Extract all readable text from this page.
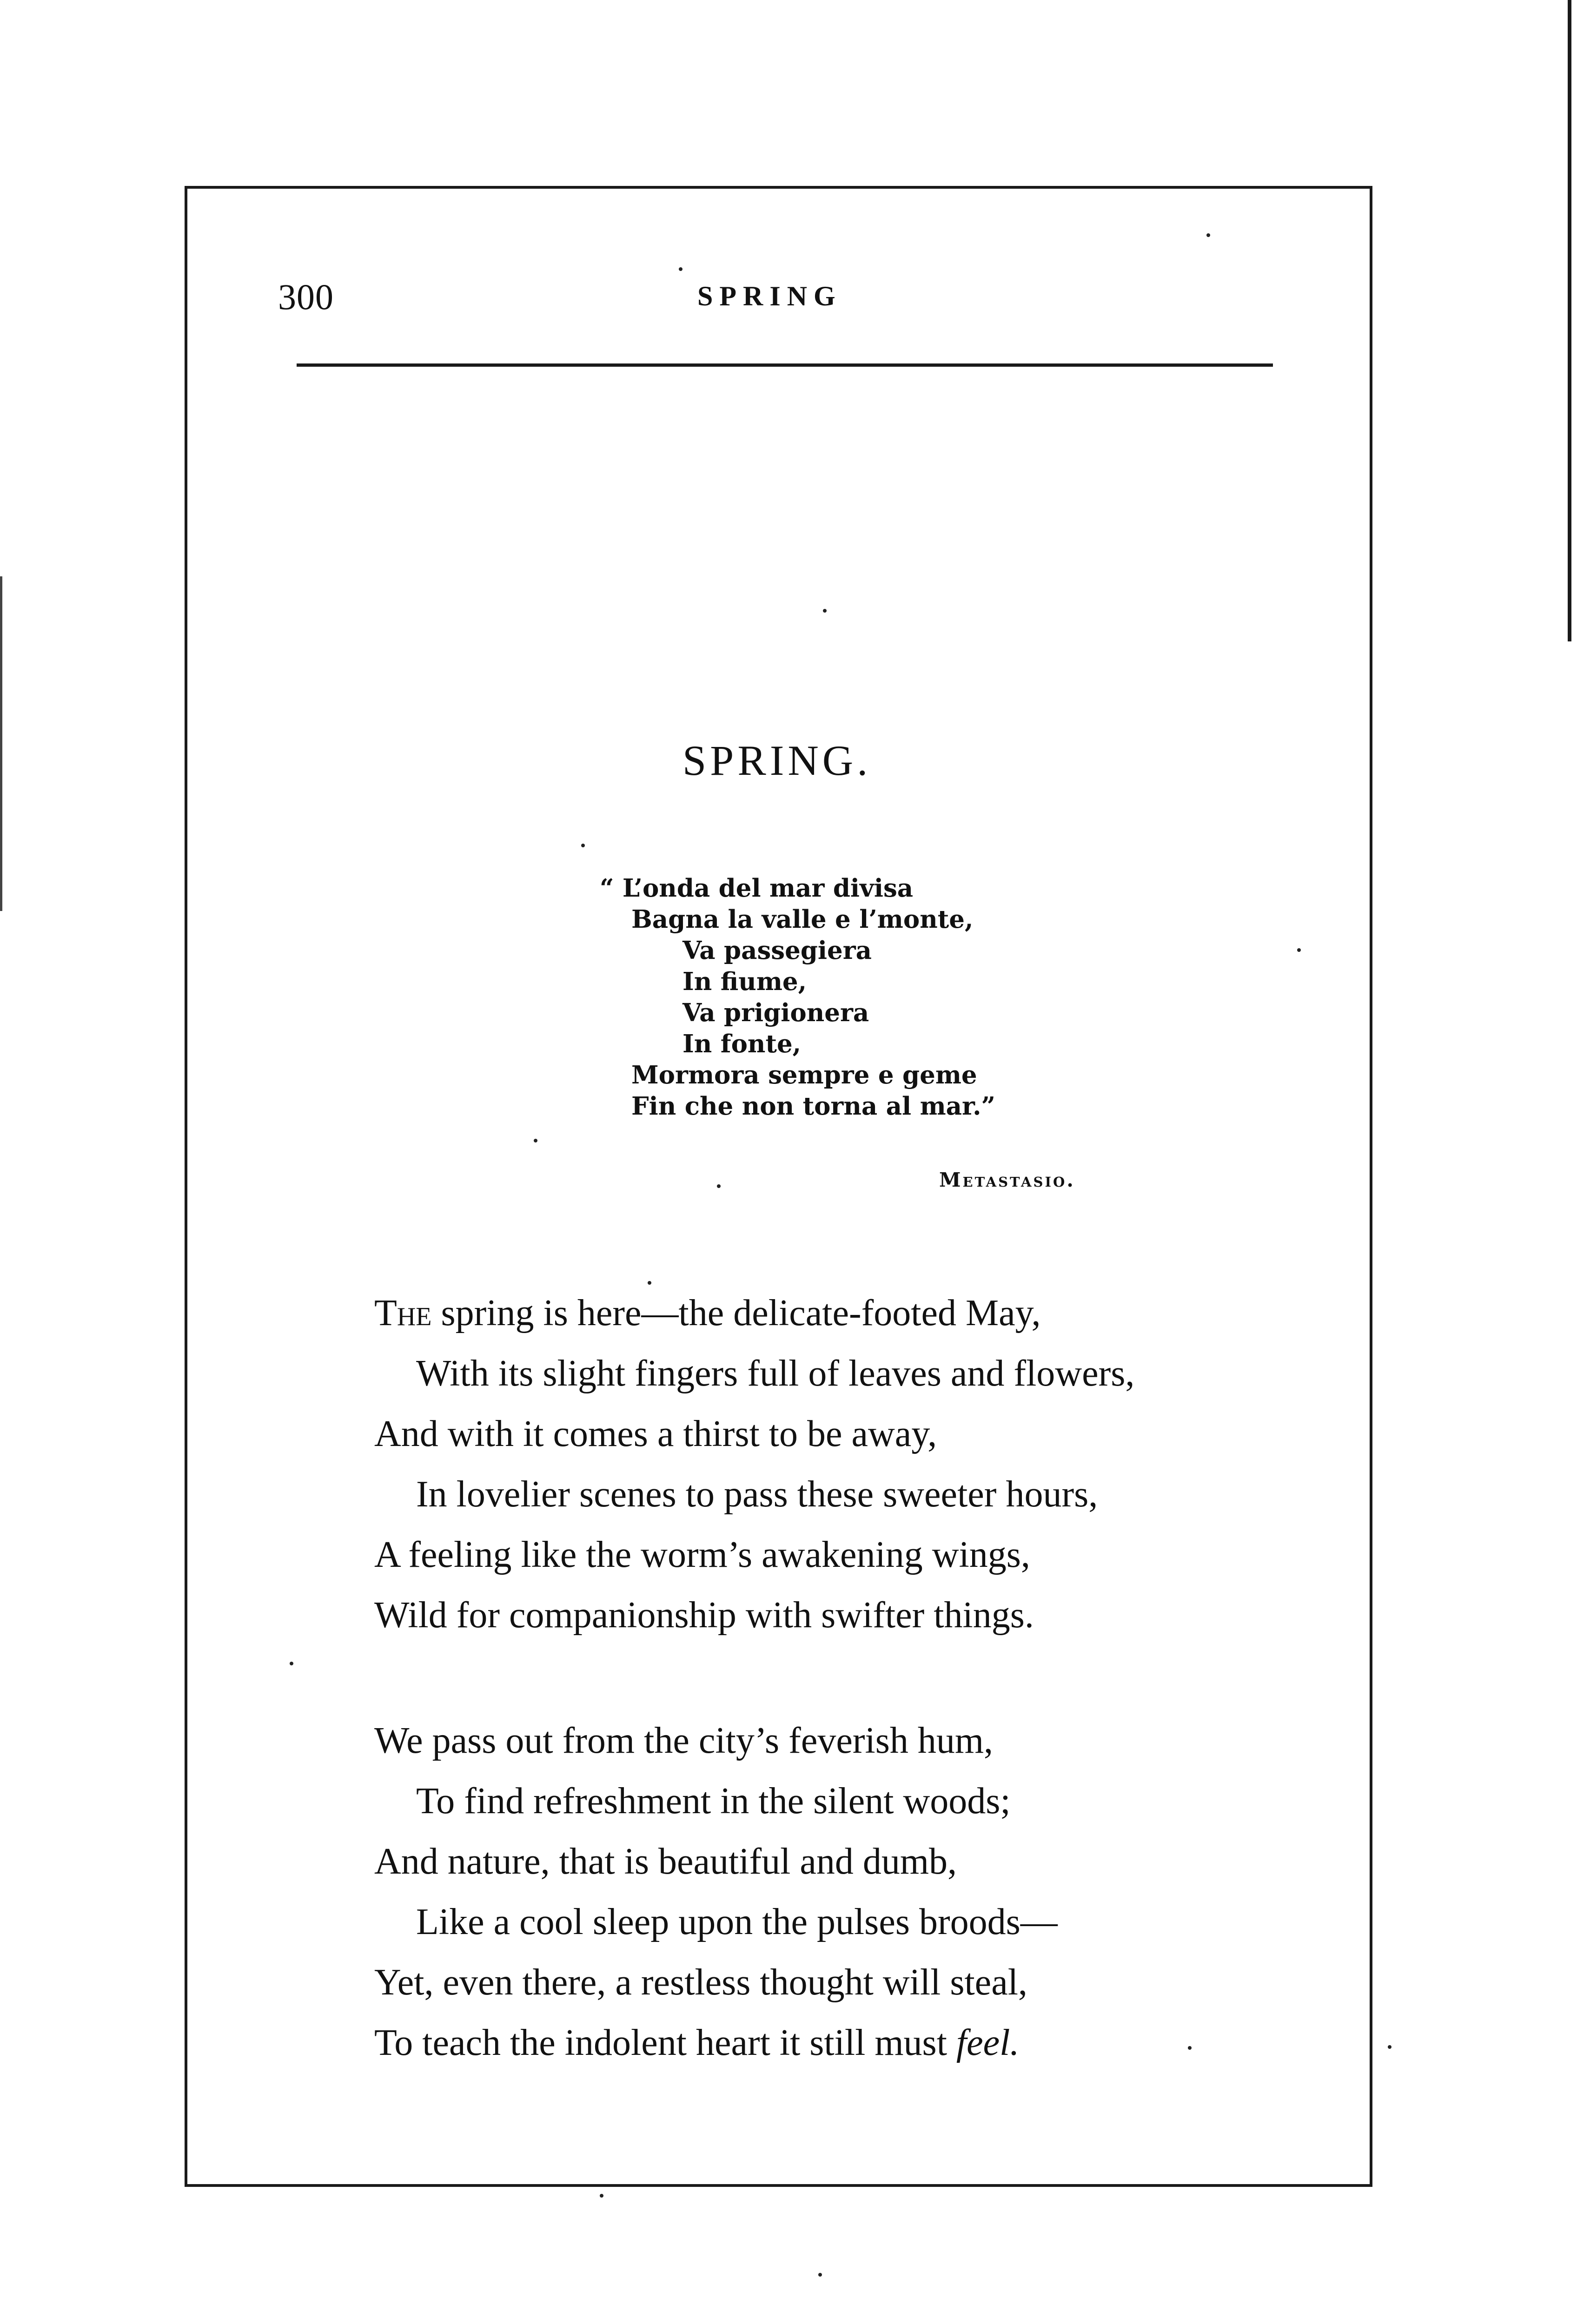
300	SPRING
SPRING.
“ L’onda del mar divisa
Bagna la valle e l’monte,
Va passegiera
In fiume,
Va prigionera
In fonte,
Mormora sempre e geme
Fin che non torna al mar.”
Metastasio.
The spring is here—the delicate-footed May,
With its slight fingers full of leaves and flowers,
And with it comes a thirst to be away,
In lovelier scenes to pass these sweeter hours,
A feeling like the worm’s awakening wings,
Wild for companionship with swifter things.
We pass out from the city’s feverish hum,
To find refreshment in the silent woods;
And nature, that is beautiful and dumb,
Like a cool sleep upon the pulses broods—
Yet, even there, a restless thought will steal,
To teach the indolent heart it still must feel.
